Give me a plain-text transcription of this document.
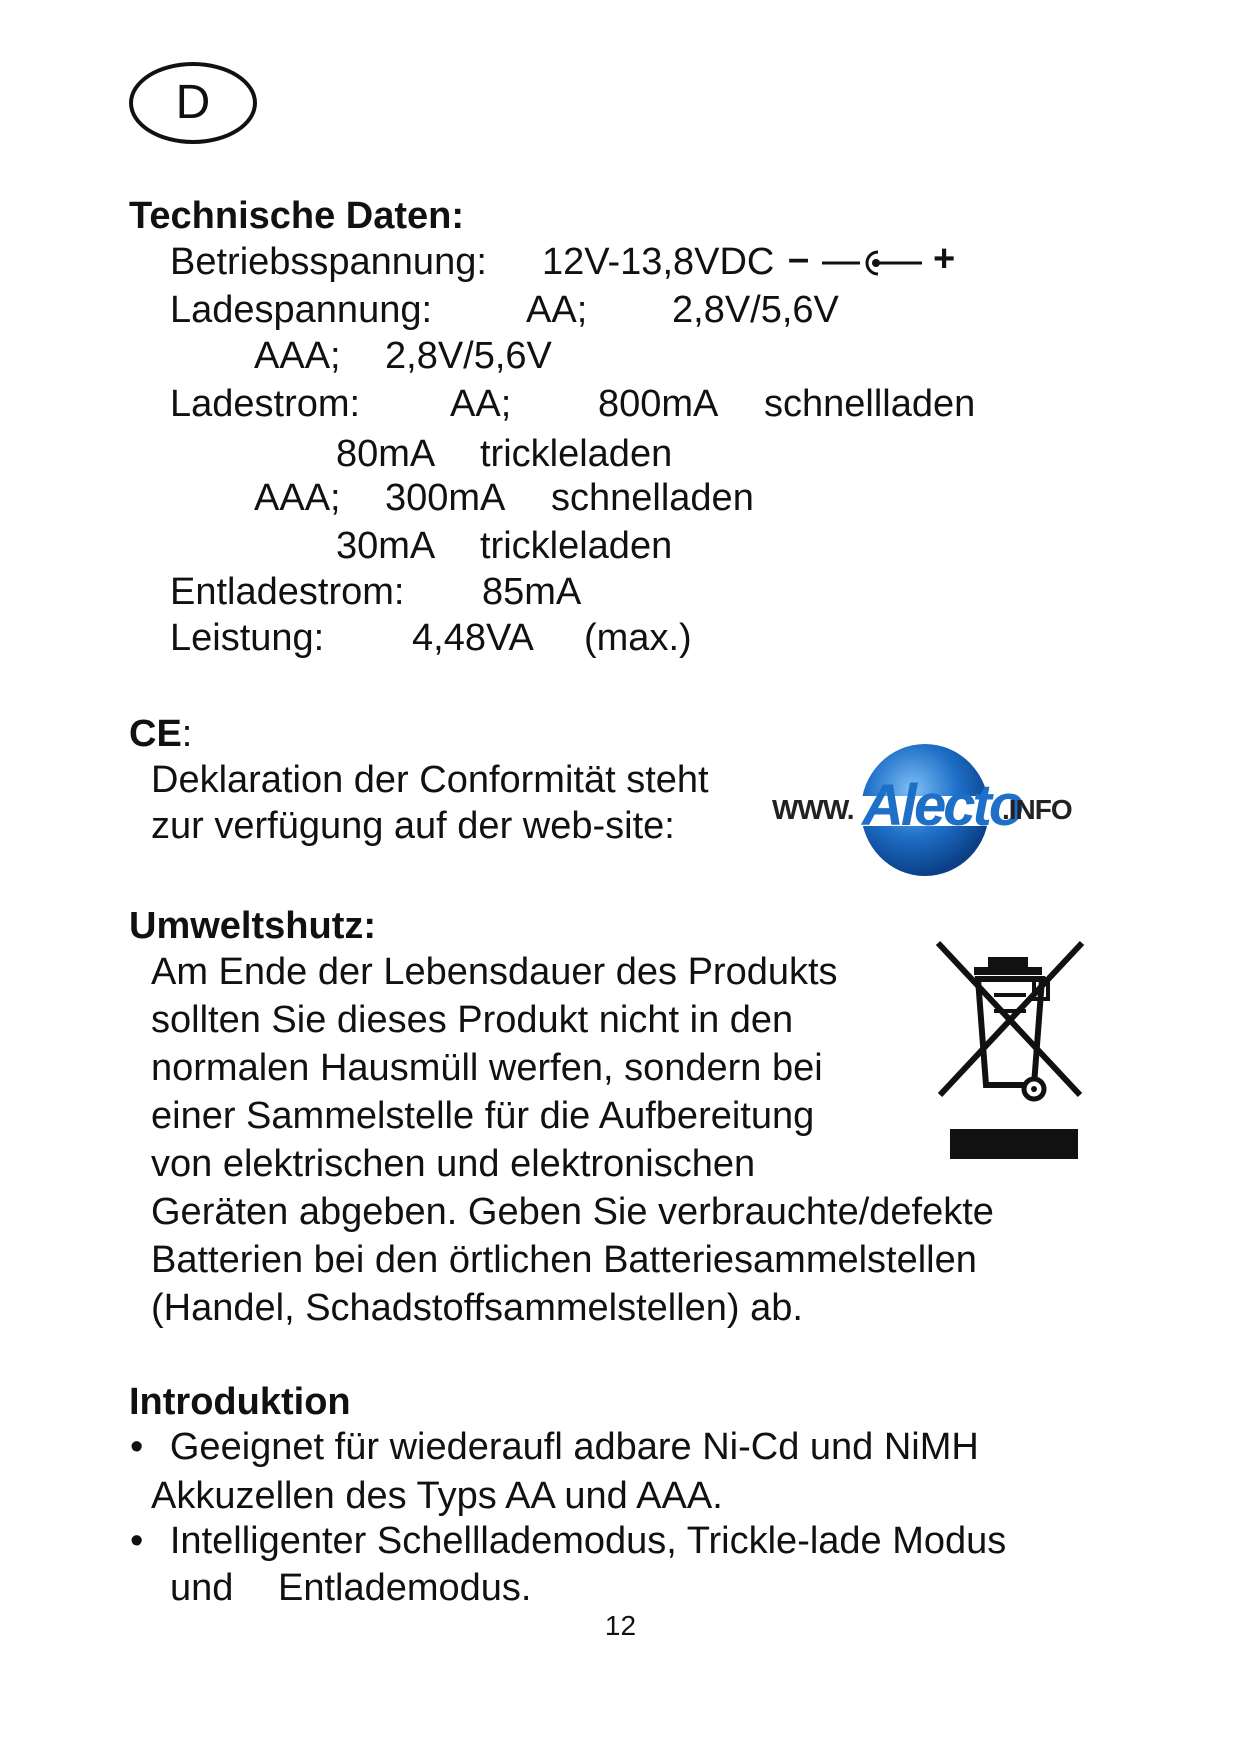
D
Technische Daten:
Betriebsspannung: 12V-13,8VDC –	+
Ladespannung: AA; 2,8V/5,6V
AAA; 2,8V/5,6V
Ladestrom: AA; 800mA schnellladen
80mA trickleladen
AAA; 300mA schnelladen
30mA trickleladen
Entladestrom: 85mA
Leistung: 4,48VA (max.)
CE:
Deklaration der Conformität steht
zur verfügung auf der web-site:	WWW. Alecto
.INFO
Umweltshutz:

Am Ende der Lebensdauer des Produkts

sollten Sie dieses Produkt nicht in den

normalen Hausmüll werfen, sondern bei

einer Sammelstelle für die Aufbereitung

von elektrischen und elektronischen

Geräten abgeben. Geben Sie verbrauchte/defekte

Batterien bei den örtlichen Batteriesammelstellen

(Handel, Schadstoffsammelstellen) ab.

Introduktion
• Geeignet für wiederaufl adbare Ni-Cd und NiMH
Akkuzellen des Typs AA und AAA.
• Intelligenter Schelllademodus, Trickle-lade Modus
und Entlademodus.
12
